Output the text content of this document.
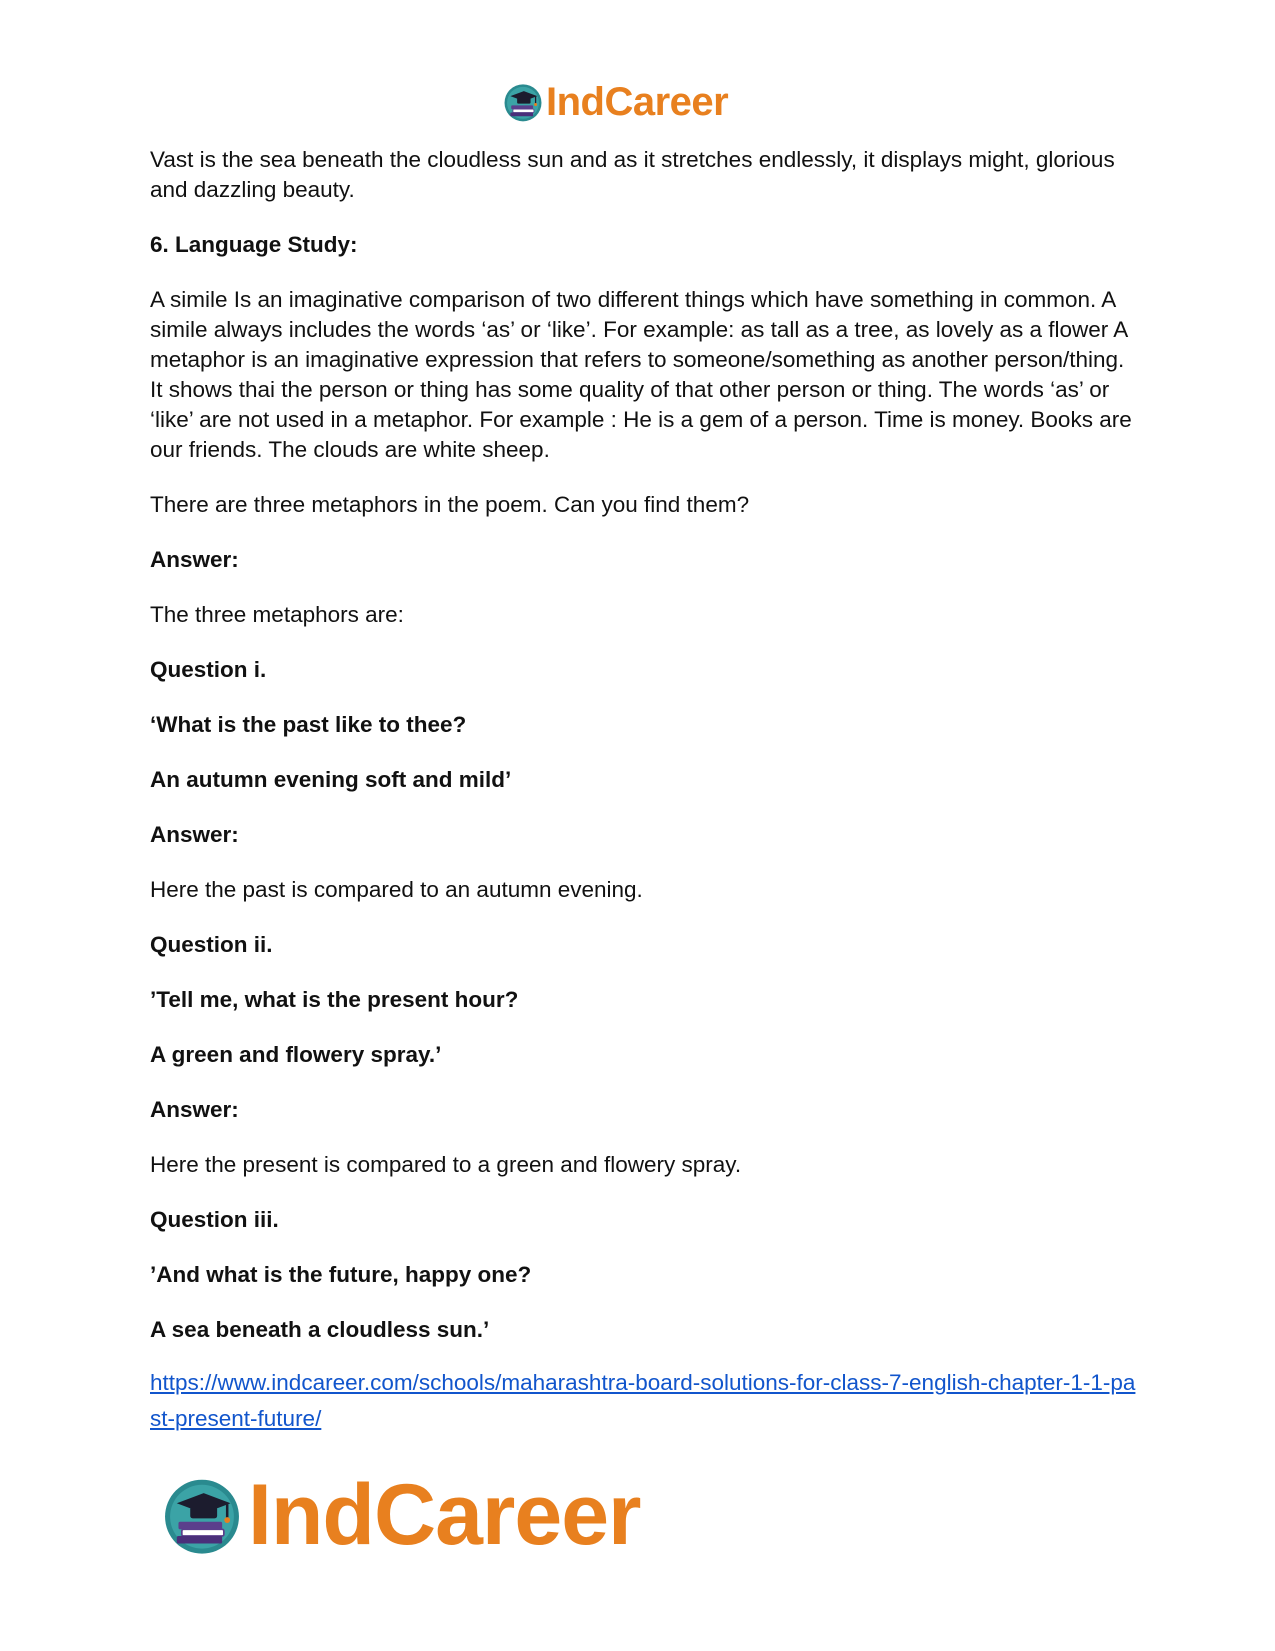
IndCareer

Vast is the sea beneath the cloudless sun and as it stretches endlessly, it displays might, glorious and dazzling beauty.

6. Language Study:

A simile Is an imaginative comparison of two different things which have something in common. A simile always includes the words ‘as’ or ‘like’. For example: as tall as a tree, as lovely as a flower A metaphor is an imaginative expression that refers to someone/something as another person/thing. It shows thai the person or thing has some quality of that other person or thing. The words ‘as’ or ‘like’ are not used in a metaphor. For example : He is a gem of a person. Time is money. Books are our friends. The clouds are white sheep.

There are three metaphors in the poem. Can you find them?

Answer:

The three metaphors are:

Question i.

‘What is the past like to thee?

An autumn evening soft and mild’

Answer:

Here the past is compared to an autumn evening.

Question ii.

’Tell me, what is the present hour?

A green and flowery spray.’

Answer:

Here the present is compared to a green and flowery spray.

Question iii.

’And what is the future, happy one?

A sea beneath a cloudless sun.’

https://www.indcareer.com/schools/maharashtra-board-solutions-for-class-7-english-chapter-1-1-past-present-future/
IndCareer
